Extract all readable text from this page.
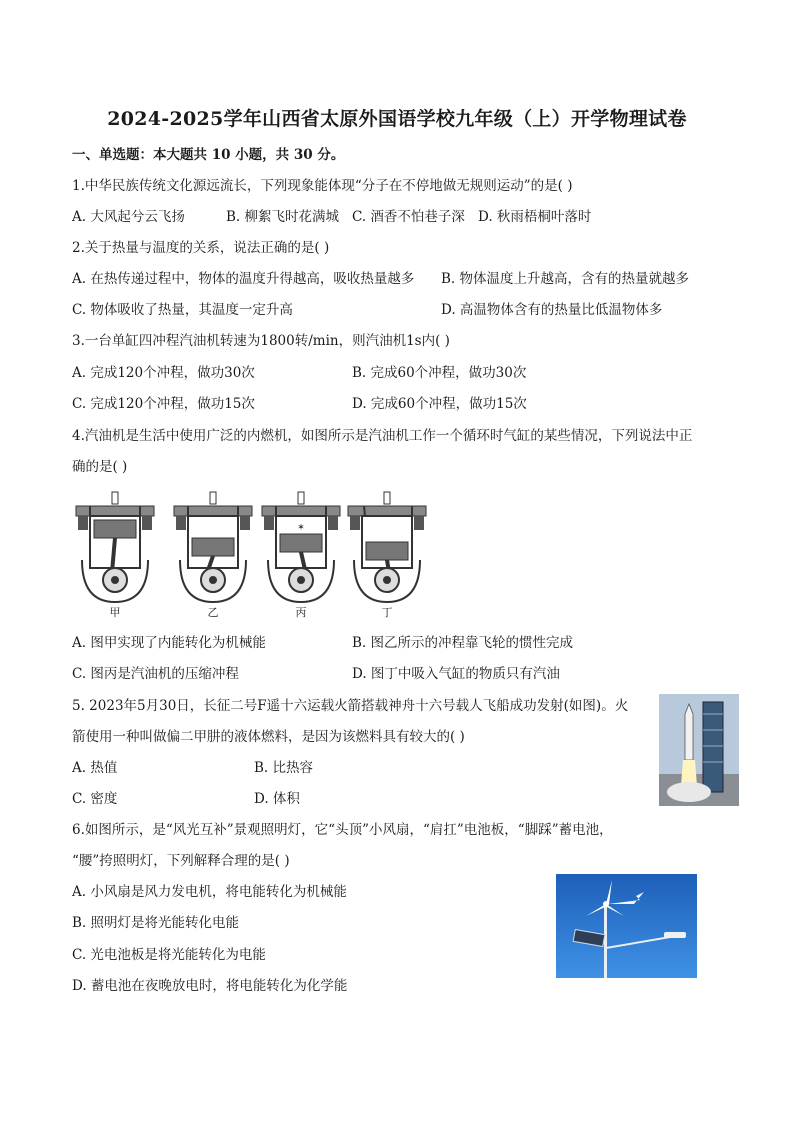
2024-2025学年山西省太原外国语学校九年级（上）开学物理试卷
一、单选题：本大题共 10 小题，共 30 分。
1.中华民族传统文化源远流长，下列现象能体现“分子在不停地做无规则运动”的是( )
A. 大风起兮云飞扬	B. 柳絮飞时花满城 C. 酒香不怕巷子深 D. 秋雨梧桐叶落时
2.关于热量与温度的关系，说法正确的是( )
A. 在热传递过程中，物体的温度升得越高，吸收热量越多 B. 物体温度上升越高，含有的热量就越多
C. 物体吸收了热量，其温度一定升高	D. 高温物体含有的热量比低温物体多
3.一台单缸四冲程汽油机转速为1800转/min，则汽油机1s内( )
A. 完成120个冲程，做功30次	B. 完成60个冲程，做功30次
C. 完成120个冲程，做功15次	D. 完成60个冲程，做功15次
4.汽油机是生活中使用广泛的内燃机，如图所示是汽油机工作一个循环时气缸的某些情况，下列说法中正
确的是( )
甲	乙
✶
丙	丁
A. 图甲实现了内能转化为机械能	B. 图乙所示的冲程靠飞轮的惯性完成
C. 图丙是汽油机的压缩冲程	D. 图丁中吸入气缸的物质只有汽油
5. 2023年5月30日，长征二号F遥十六运载火箭搭载神舟十六号载人飞船成功发射(如图)。火
箭使用一种叫做偏二甲肼的液体燃料，是因为该燃料具有较大的( )
A. 热值	B. 比热容
C. 密度	D. 体积
6.如图所示，是“风光互补”景观照明灯，它“头顶”小风扇，“肩扛”电池板，“脚踩”蓄电池，
“腰”挎照明灯，下列解释合理的是( )
A. 小风扇是风力发电机，将电能转化为机械能
B. 照明灯是将光能转化电能
C. 光电池板是将光能转化为电能
D. 蓄电池在夜晚放电时，将电能转化为化学能
